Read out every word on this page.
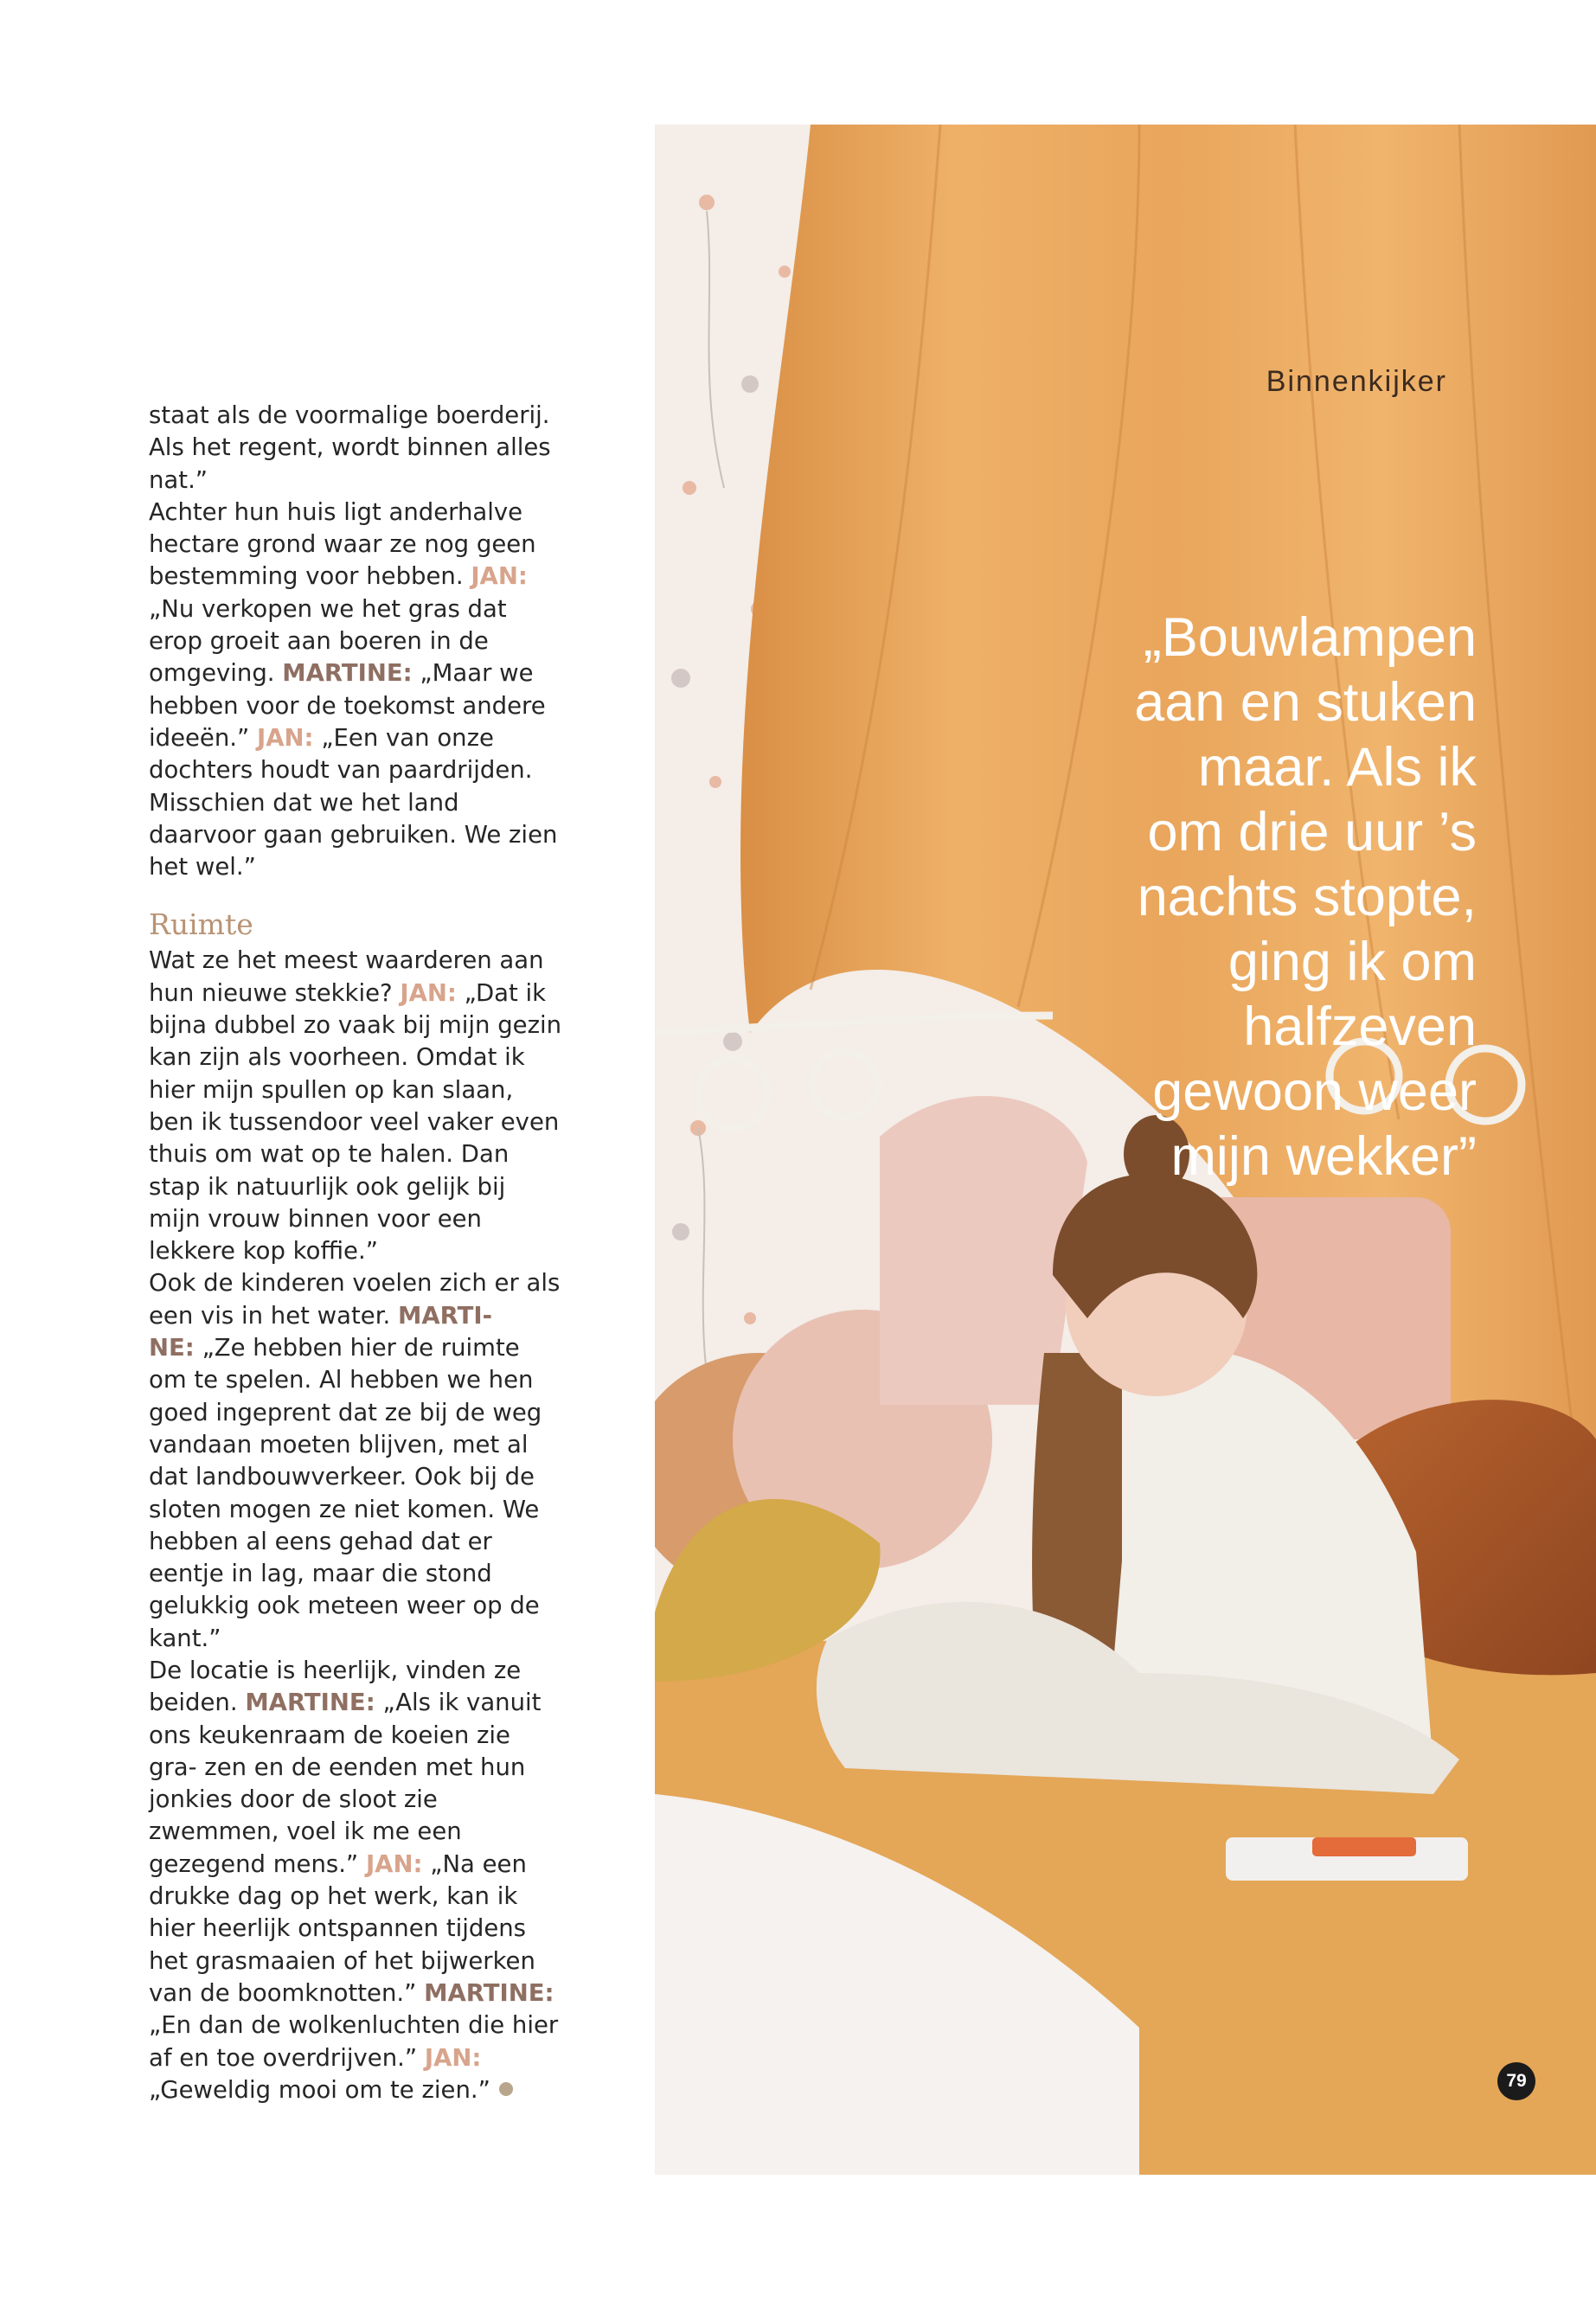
staat als de voormalige boerderij. Als het regent, wordt binnen alles nat.”

Achter hun huis ligt anderhalve hectare grond waar ze nog geen bestemming voor hebben. JAN: „Nu verkopen we het gras dat erop groeit aan boeren in de omgeving. MARTINE: „Maar we hebben voor de toekomst andere ideeën.” JAN: „Een van onze dochters houdt van paardrijden. Misschien dat we het land daarvoor gaan gebruiken. We zien het wel.”

Ruimte

Wat ze het meest waarderen aan hun nieuwe stekkie? JAN: „Dat ik bijna dubbel zo vaak bij mijn gezin kan zijn als voorheen. Omdat ik hier mijn spullen op kan slaan, ben ik tussendoor veel vaker even thuis om wat op te halen. Dan stap ik natuurlijk ook gelijk bij mijn vrouw binnen voor een lekkere kop koffie.”

Ook de kinderen voelen zich er als een vis in het water. MARTI-
NE: „Ze hebben hier de ruimte om te spelen. Al hebben we hen goed ingeprent dat ze bij de weg vandaan moeten blijven, met al dat landbouwverkeer. Ook bij de sloten mogen ze niet komen. We hebben al eens gehad dat er eentje in lag, maar die stond gelukkig ook meteen weer op de kant.”

De locatie is heerlijk, vinden ze beiden. MARTINE: „Als ik vanuit ons keukenraam de koeien zie gra- zen en de eenden met hun jonkies door de sloot zie zwemmen, voel ik me een gezegend mens.” JAN: „Na een drukke dag op het werk, kan ik hier heerlijk ontspannen tijdens het grasmaaien of het bijwerken van de boomknotten.” MARTINE: „En dan de wolkenluchten die hier af en toe overdrijven.” JAN: „Geweldig mooi om te zien.”

Binnenkijker
„Bouwlampen
aan en stuken
maar. Als ik
om drie uur ’s
nachts stopte,
ging ik om
halfzeven
gewoon weer
mijn wekker”
79
